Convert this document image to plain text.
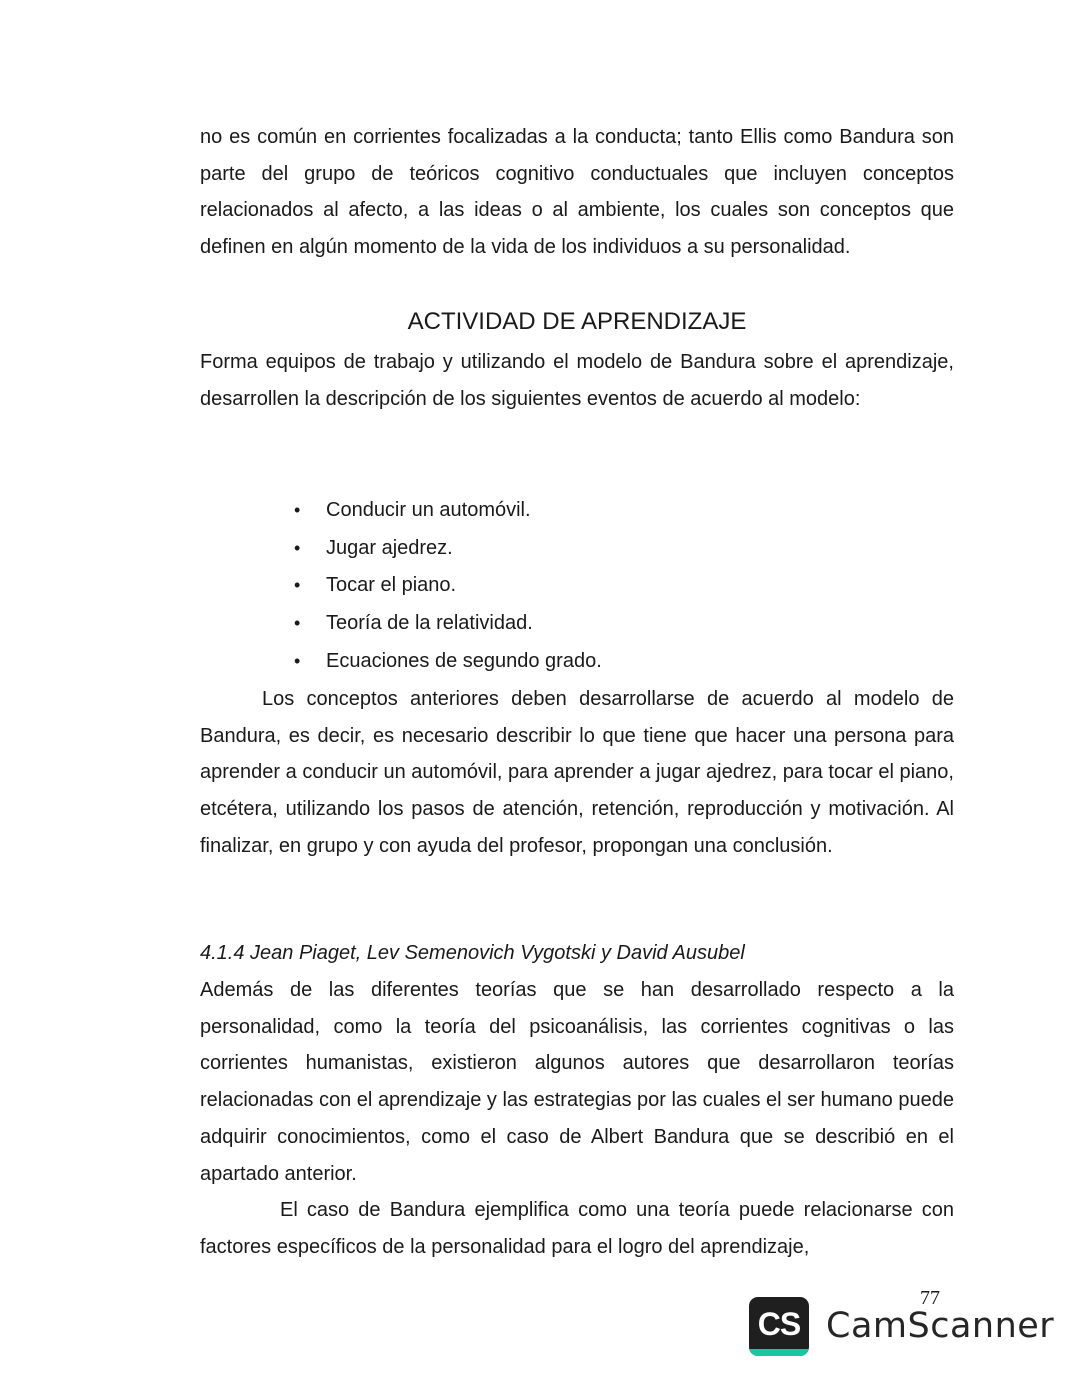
no es común en corrientes focalizadas a la conducta; tanto Ellis como Bandura son parte del grupo de teóricos cognitivo conductuales que incluyen conceptos relacionados al afecto, a las ideas o al ambiente, los cuales son conceptos que definen en algún momento de la vida de los individuos a su personalidad.

ACTIVIDAD DE APRENDIZAJE

Forma equipos de trabajo y utilizando el modelo de Bandura sobre el aprendizaje, desarrollen la descripción de los siguientes eventos de acuerdo al modelo:

• Conducir un automóvil.
• Jugar ajedrez.
• Tocar el piano.
• Teoría de la relatividad.
• Ecuaciones de segundo grado.

Los conceptos anteriores deben desarrollarse de acuerdo al modelo de Bandura, es decir, es necesario describir lo que tiene que hacer una persona para aprender a conducir un automóvil, para aprender a jugar ajedrez, para tocar el piano, etcétera, utilizando los pasos de atención, retención, reproducción y motivación. Al finalizar, en grupo y con ayuda del profesor, propongan una conclusión.

4.1.4 Jean Piaget, Lev Semenovich Vygotski y David Ausubel

Además de las diferentes teorías que se han desarrollado respecto a la personalidad, como la teoría del psicoanálisis, las corrientes cognitivas o las corrientes humanistas, existieron algunos autores que desarrollaron teorías relacionadas con el aprendizaje y las estrategias por las cuales el ser humano puede adquirir conocimientos, como el caso de Albert Bandura que se describió en el apartado anterior.

El caso de Bandura ejemplifica como una teoría puede relacionarse con factores específicos de la personalidad para el logro del aprendizaje,

77
CS CamScanner
